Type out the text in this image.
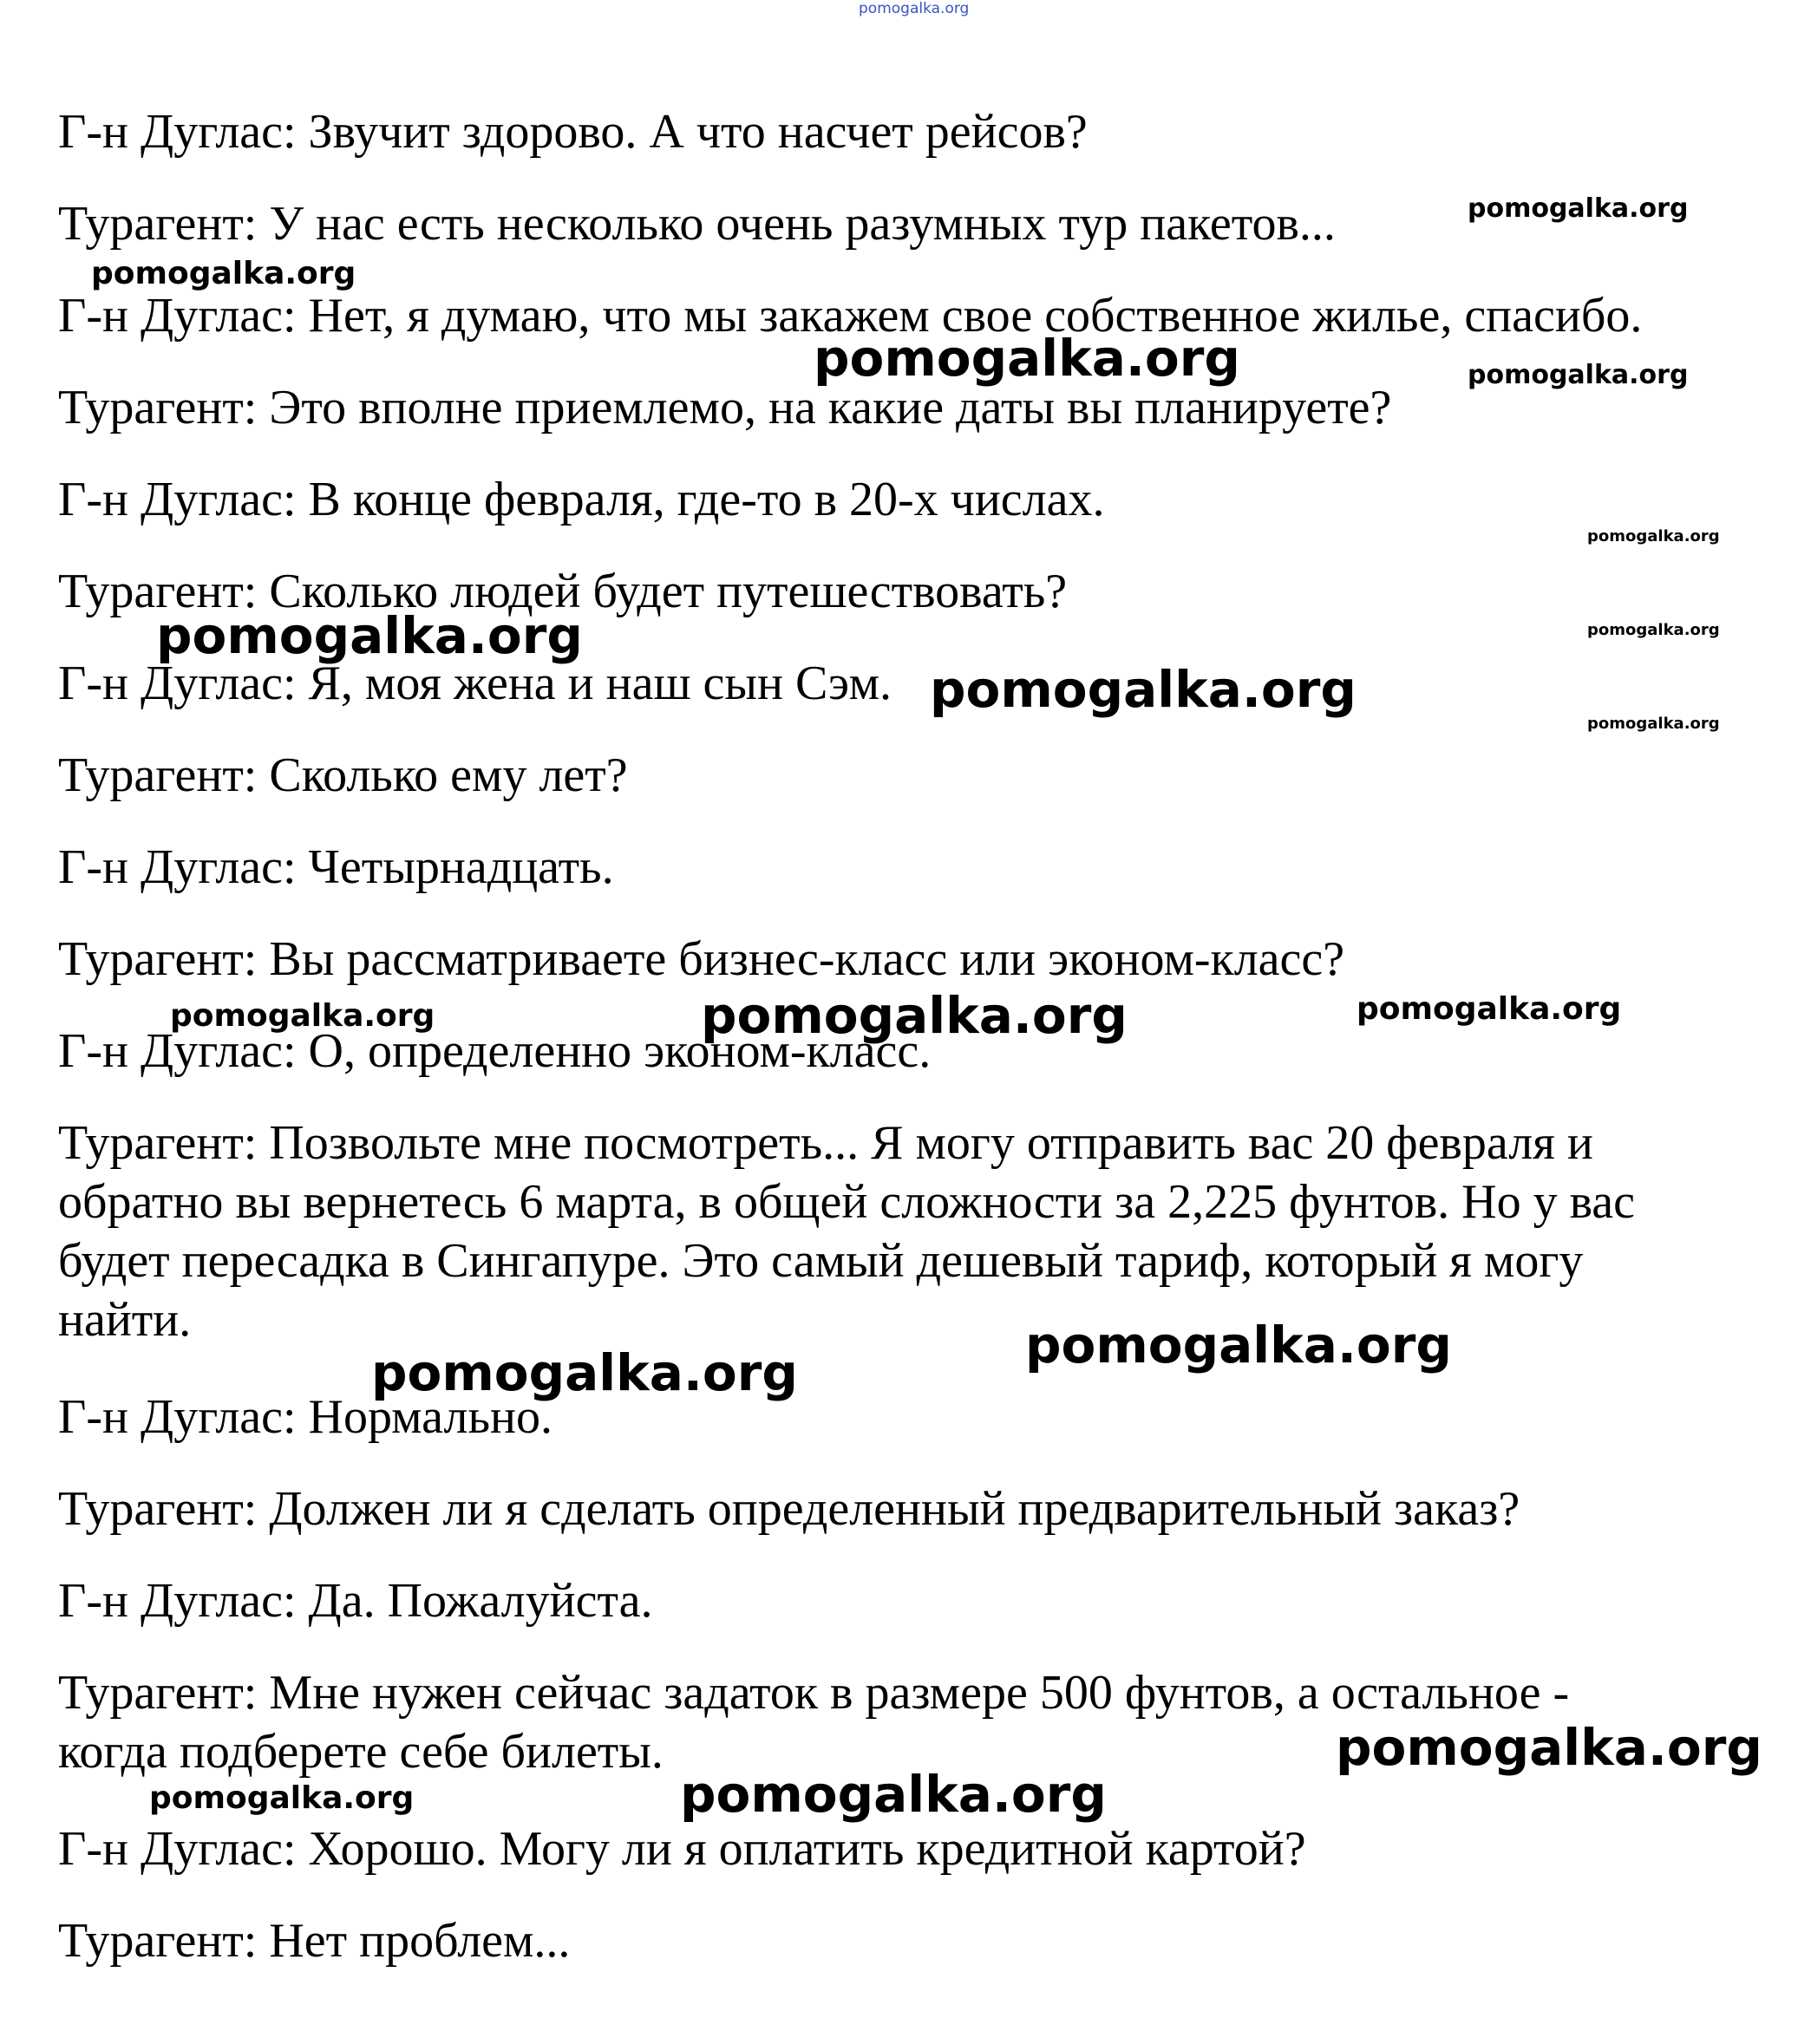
pomogalka.org

Г-н Дуглас: Звучит здорово. А что насчет рейсов?

Турагент: У нас есть несколько очень разумных тур пакетов...

Г-н Дуглас: Нет, я думаю, что мы закажем свое собственное жилье, спасибо.

Турагент: Это вполне приемлемо, на какие даты вы планируете?

Г-н Дуглас: В конце февраля, где-то в 20-х числах.

Турагент: Сколько людей будет путешествовать?

Г-н Дуглас: Я, моя жена и наш сын Сэм.

Турагент: Сколько ему лет?

Г-н Дуглас: Четырнадцать.

Турагент: Вы рассматриваете бизнес-класс или эконом-класс?

Г-н Дуглас: О, определенно эконом-класс.

Турагент: Позвольте мне посмотреть... Я могу отправить вас 20 февраля и

обратно вы вернетесь 6 марта, в общей сложности за 2,225 фунтов. Но у вас

будет пересадка в Сингапуре. Это самый дешевый тариф, который я могу

найти.

Г-н Дуглас: Нормально.

Турагент: Должен ли я сделать определенный предварительный заказ?

Г-н Дуглас: Да. Пожалуйста.

Турагент: Мне нужен сейчас задаток в размере 500 фунтов, а остальное -

когда подберете себе билеты.

Г-н Дуглас: Хорошо. Могу ли я оплатить кредитной картой?

Турагент: Нет проблем...

pomogalka.org
pomogalka.org
pomogalka.org	pomogalka.org
pomogalka.org
pomogalka.org	pomogalka.org
pomogalka.org
pomogalka.org
pomogalka.org	pomogalka.org	pomogalka.org
pomogalka.org
pomogalka.org
pomogalka.org
pomogalka.org	pomogalka.org
